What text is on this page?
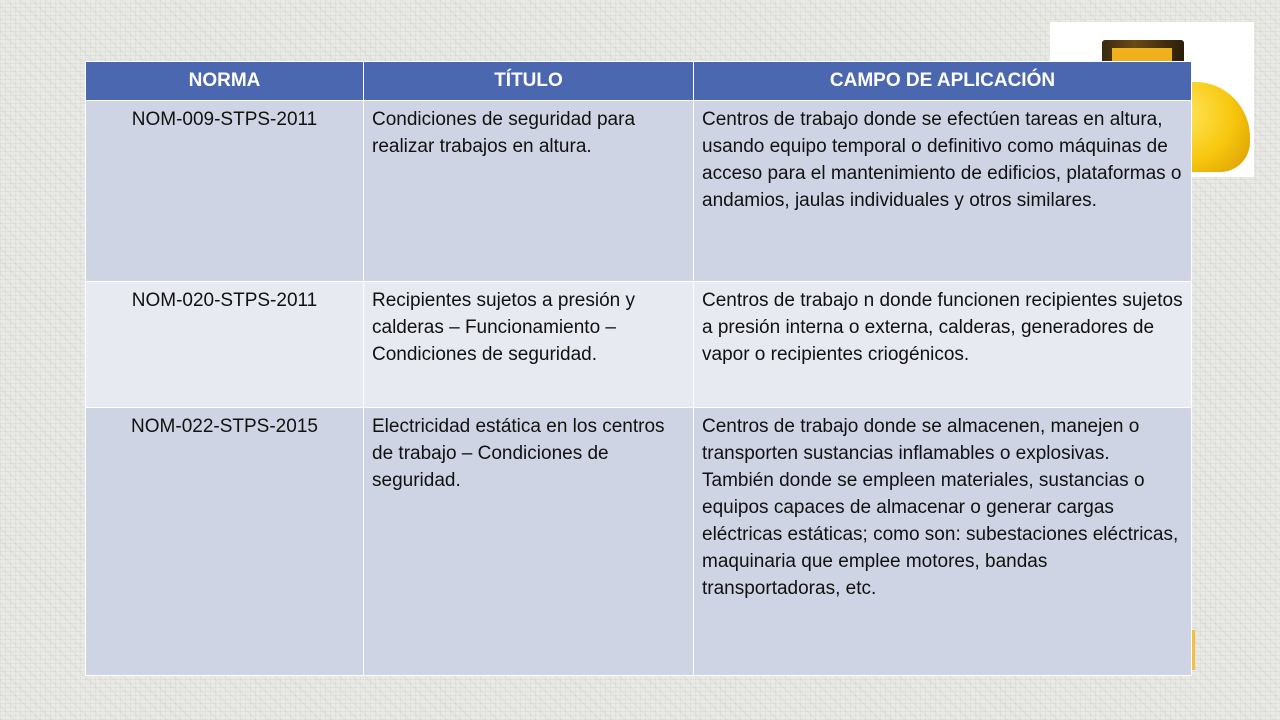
NORMA	TÍTULO	CAMPO DE APLICACIÓN
NOM-009-STPS-2011	Condiciones de seguridad para realizar trabajos en altura.	Centros de trabajo donde se efectúen tareas en altura, usando equipo temporal o definitivo como máquinas de acceso para el mantenimiento de edificios, plataformas o andamios, jaulas individuales y otros similares.
NOM-020-STPS-2011	Recipientes sujetos a presión y calderas – Funcionamiento – Condiciones de seguridad.	Centros de trabajo n donde funcionen recipientes sujetos a presión interna o externa, calderas, generadores de vapor o recipientes criogénicos.
NOM-022-STPS-2015	Electricidad estática en los centros de trabajo – Condiciones de seguridad.	Centros de trabajo donde se almacenen, manejen o transporten sustancias inflamables o explosivas. También donde se empleen materiales, sustancias o equipos capaces de almacenar o generar cargas eléctricas estáticas; como son: subestaciones eléctricas, maquinaria que emplee motores, bandas transportadoras, etc.
